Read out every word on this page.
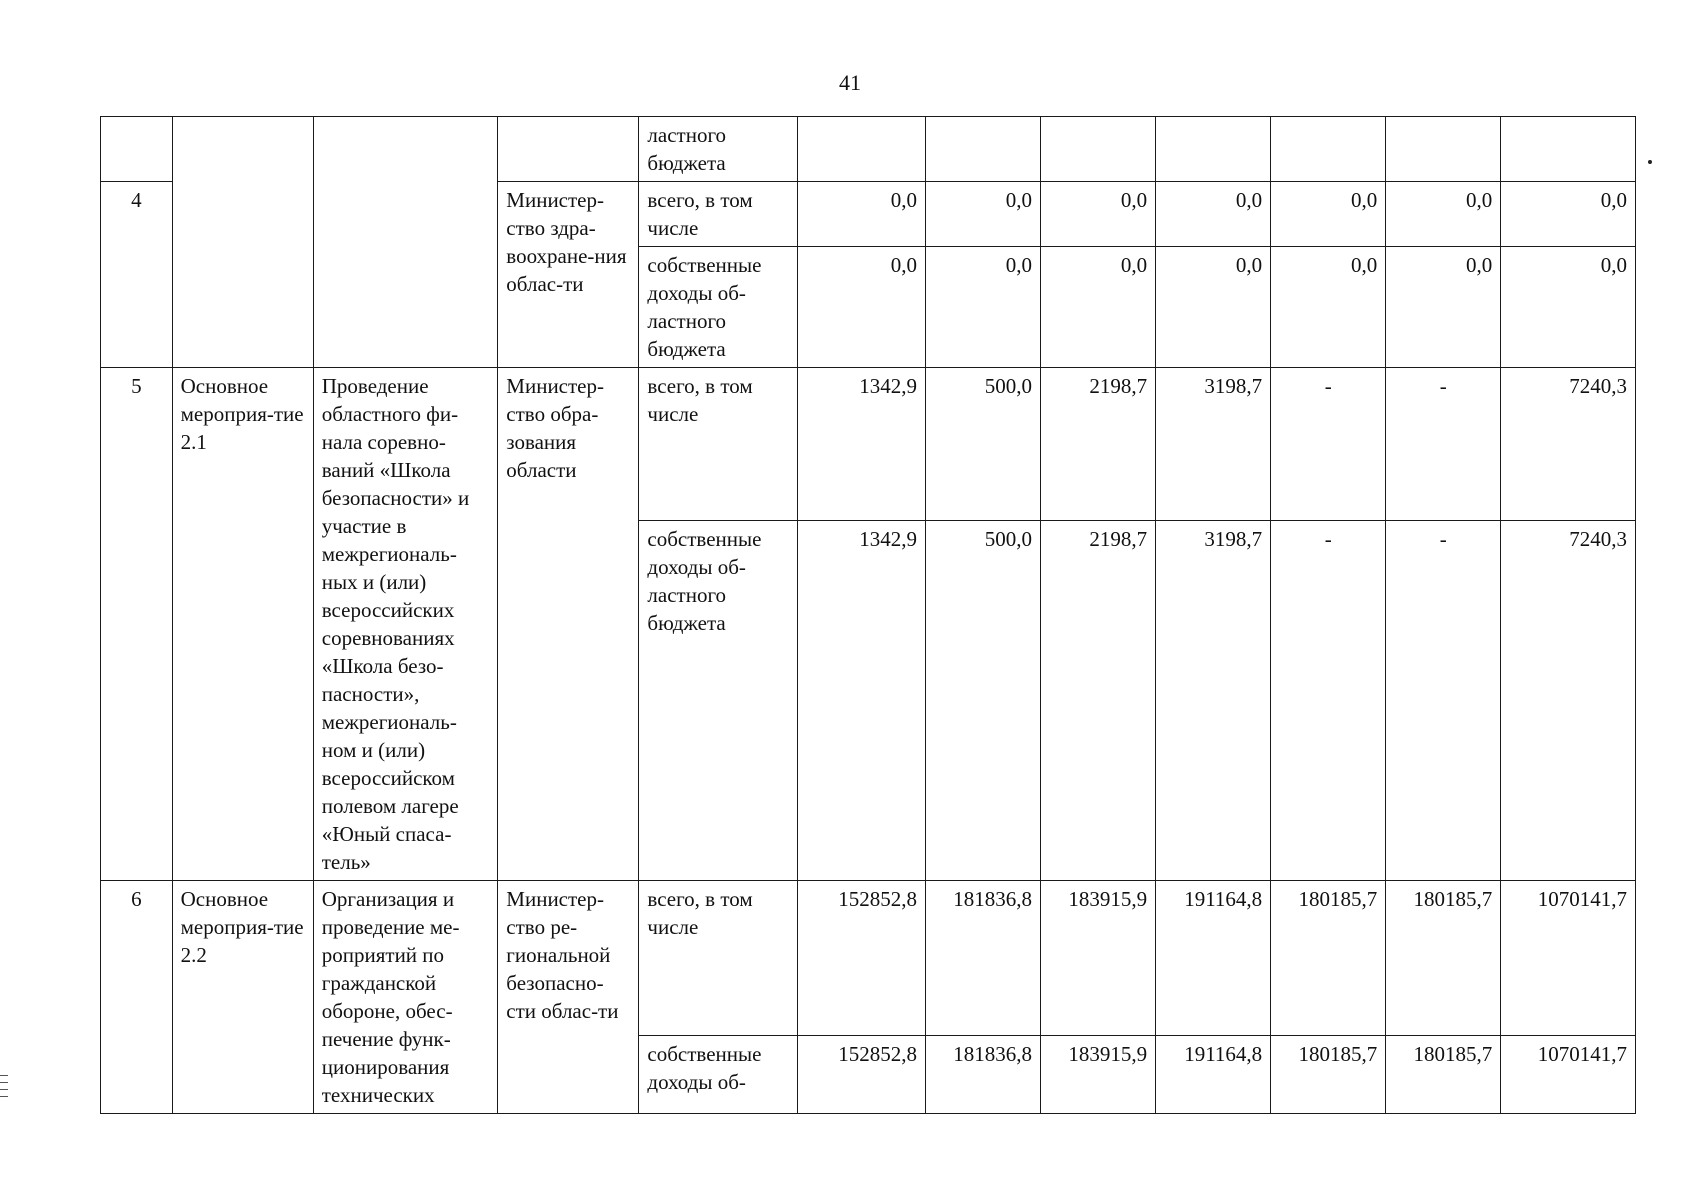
41
				ластного бюджета							
4			Министер-ство здра-воохране-ния облас-ти	всего, в том числе	0,0	0,0	0,0	0,0	0,0	0,0	0,0
				собственные доходы об-ластного бюджета	0,0	0,0	0,0	0,0	0,0	0,0	0,0
5	Основное мероприя-тие 2.1	Проведение областного фи-нала соревно-ваний «Школа безопасности» и участие в межрегиональ-ных и (или) всероссийских соревнованиях «Школа безо-пасности», межрегиональ-ном и (или) всероссийском полевом лагере «Юный спаса-тель»	Министер-ство обра-зования области	всего, в том числе	1342,9	500,0	2198,7	3198,7	-	-	7240,3
				собственные доходы об-ластного бюджета	1342,9	500,0	2198,7	3198,7	-	-	7240,3
6	Основное мероприя-тие 2.2	Организация и проведение ме-роприятий по гражданской обороне, обес-печение функ-ционирования технических	Министер-ство ре-гиональной безопасно-сти облас-ти	всего, в том числе	152852,8	181836,8	183915,9	191164,8	180185,7	180185,7	1070141,7
				собственные доходы об-	152852,8	181836,8	183915,9	191164,8	180185,7	180185,7	1070141,7
